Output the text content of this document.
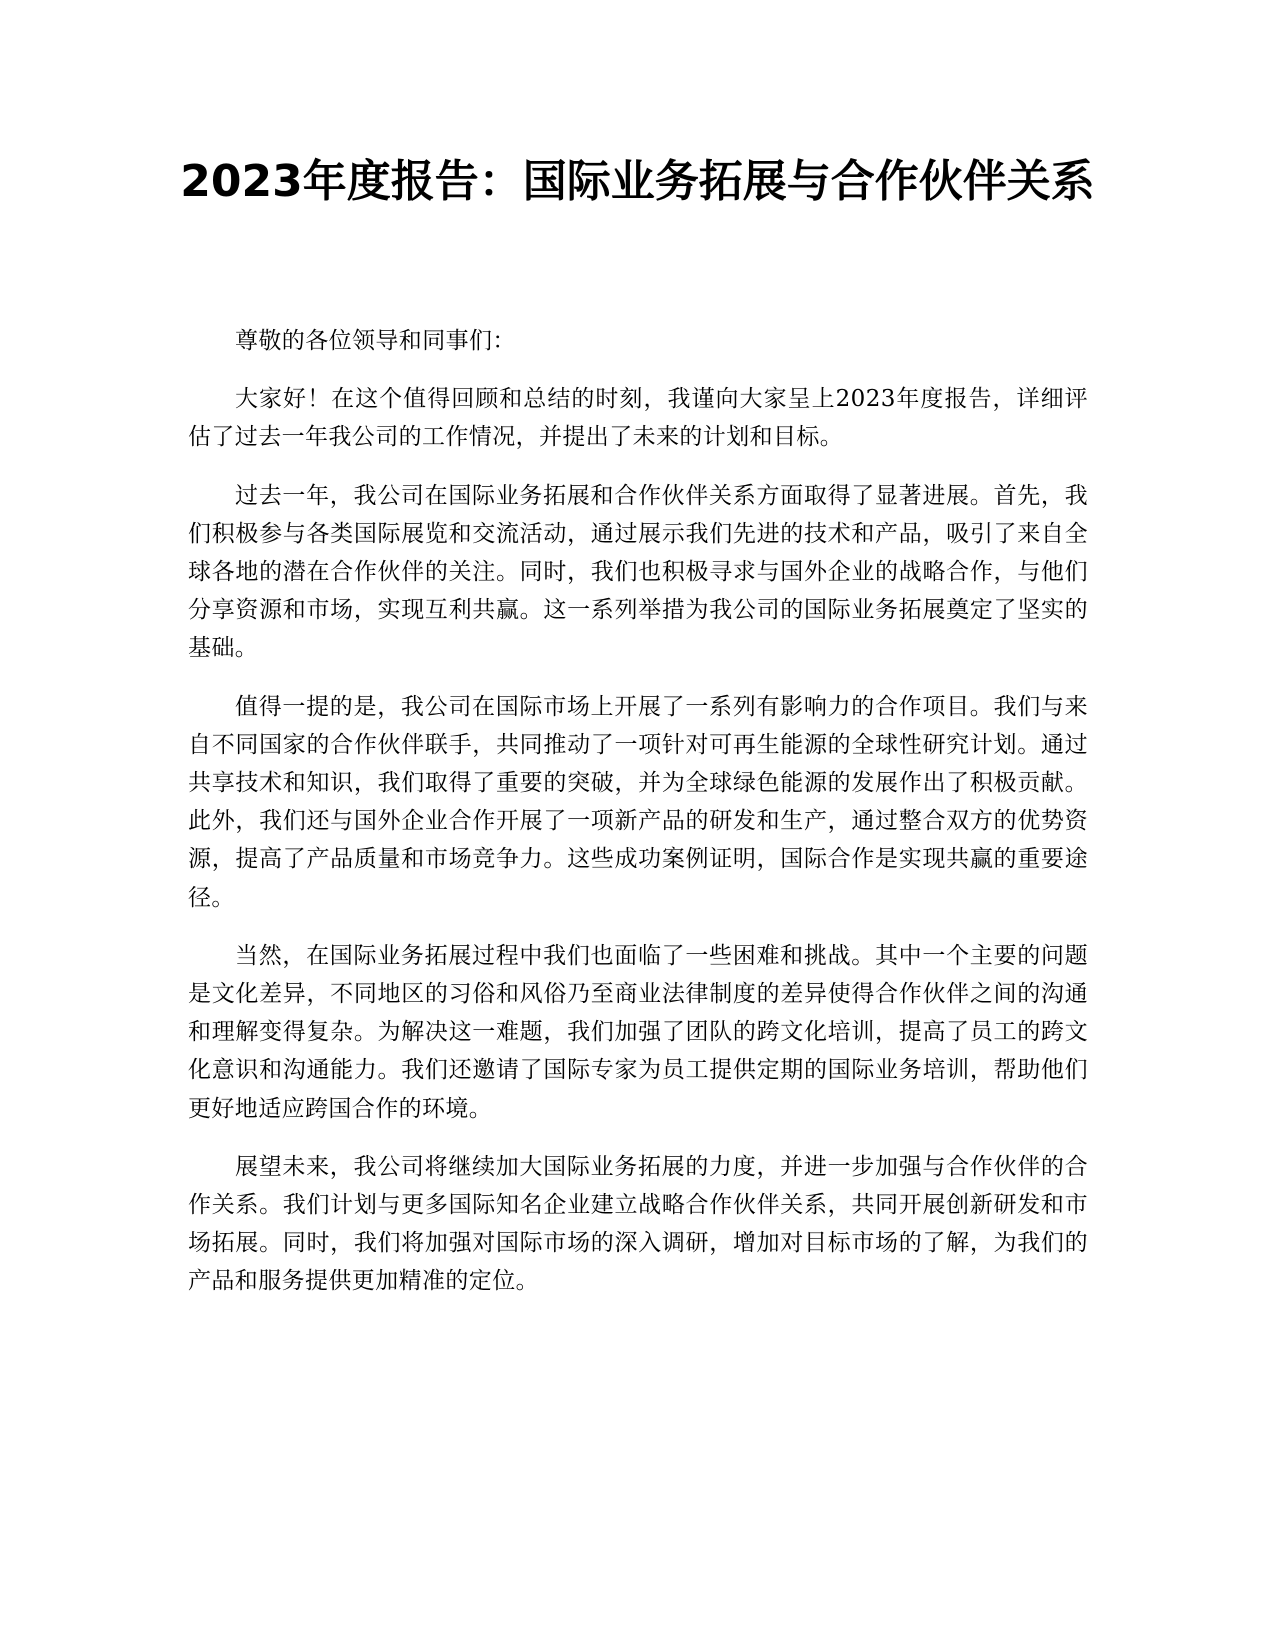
2023年度报告：国际业务拓展与合作伙伴关系

尊敬的各位领导和同事们：

大家好！在这个值得回顾和总结的时刻，我谨向大家呈上2023年度报告，详细评估了过去一年我公司的工作情况，并提出了未来的计划和目标。

过去一年，我公司在国际业务拓展和合作伙伴关系方面取得了显著进展。首先，我们积极参与各类国际展览和交流活动，通过展示我们先进的技术和产品，吸引了来自全球各地的潜在合作伙伴的关注。同时，我们也积极寻求与国外企业的战略合作，与他们分享资源和市场，实现互利共赢。这一系列举措为我公司的国际业务拓展奠定了坚实的基础。

值得一提的是，我公司在国际市场上开展了一系列有影响力的合作项目。我们与来自不同国家的合作伙伴联手，共同推动了一项针对可再生能源的全球性研究计划。通过共享技术和知识，我们取得了重要的突破，并为全球绿色能源的发展作出了积极贡献。此外，我们还与国外企业合作开展了一项新产品的研发和生产，通过整合双方的优势资源，提高了产品质量和市场竞争力。这些成功案例证明，国际合作是实现共赢的重要途径。

当然，在国际业务拓展过程中我们也面临了一些困难和挑战。其中一个主要的问题是文化差异，不同地区的习俗和风俗乃至商业法律制度的差异使得合作伙伴之间的沟通和理解变得复杂。为解决这一难题，我们加强了团队的跨文化培训，提高了员工的跨文化意识和沟通能力。我们还邀请了国际专家为员工提供定期的国际业务培训，帮助他们更好地适应跨国合作的环境。

展望未来，我公司将继续加大国际业务拓展的力度，并进一步加强与合作伙伴的合作关系。我们计划与更多国际知名企业建立战略合作伙伴关系，共同开展创新研发和市场拓展。同时，我们将加强对国际市场的深入调研，增加对目标市场的了解，为我们的产品和服务提供更加精准的定位。
